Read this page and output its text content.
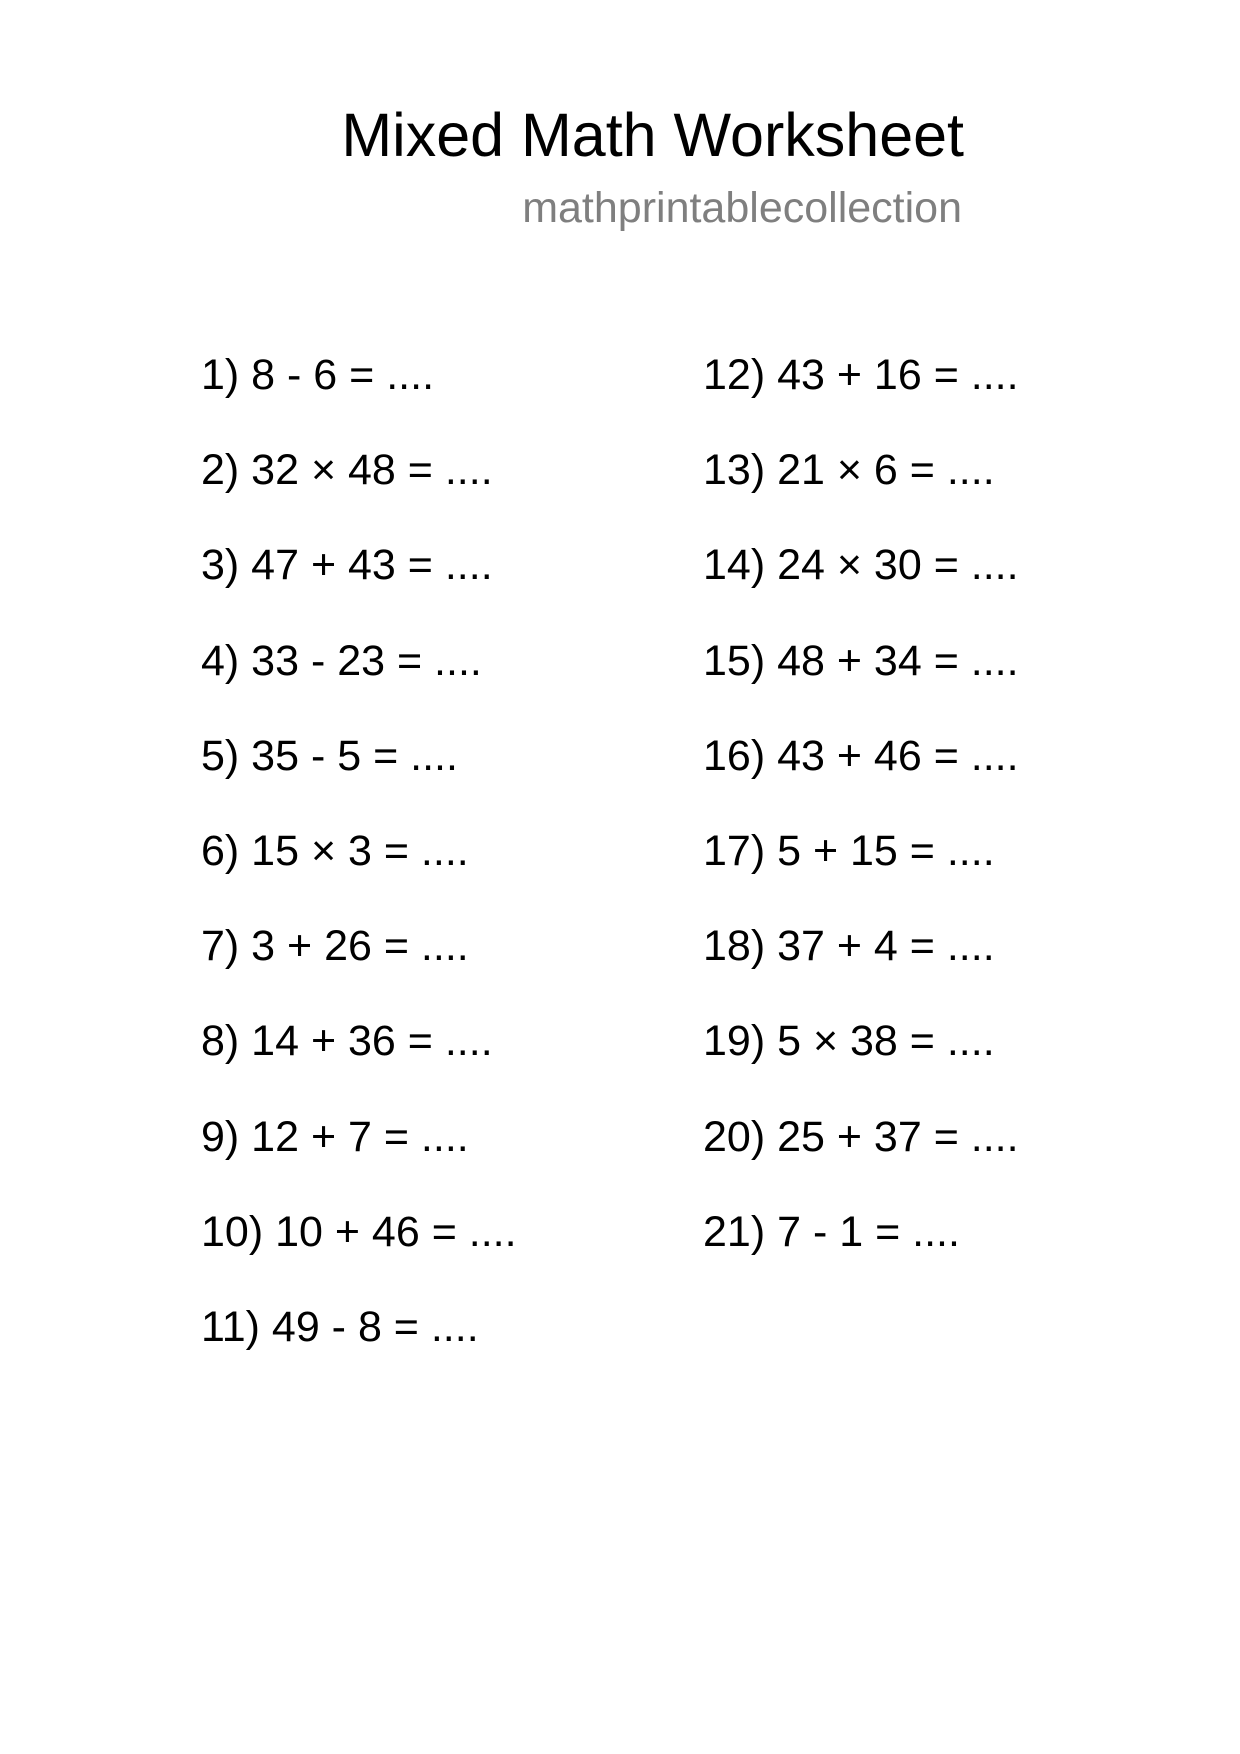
Mixed Math Worksheet
mathprintablecollection
1) 8 - 6 = ....
2) 32 × 48 = ....
3) 47 + 43 = ....
4) 33 - 23 = ....
5) 35 - 5 = ....
6) 15 × 3 = ....
7) 3 + 26 = ....
8) 14 + 36 = ....
9) 12 + 7 = ....
10) 10 + 46 = ....
11) 49 - 8 = ....
12) 43 + 16 = ....
13) 21 × 6 = ....
14) 24 × 30 = ....
15) 48 + 34 = ....
16) 43 + 46 = ....
17) 5 + 15 = ....
18) 37 + 4 = ....
19) 5 × 38 = ....
20) 25 + 37 = ....
21) 7 - 1 = ....
